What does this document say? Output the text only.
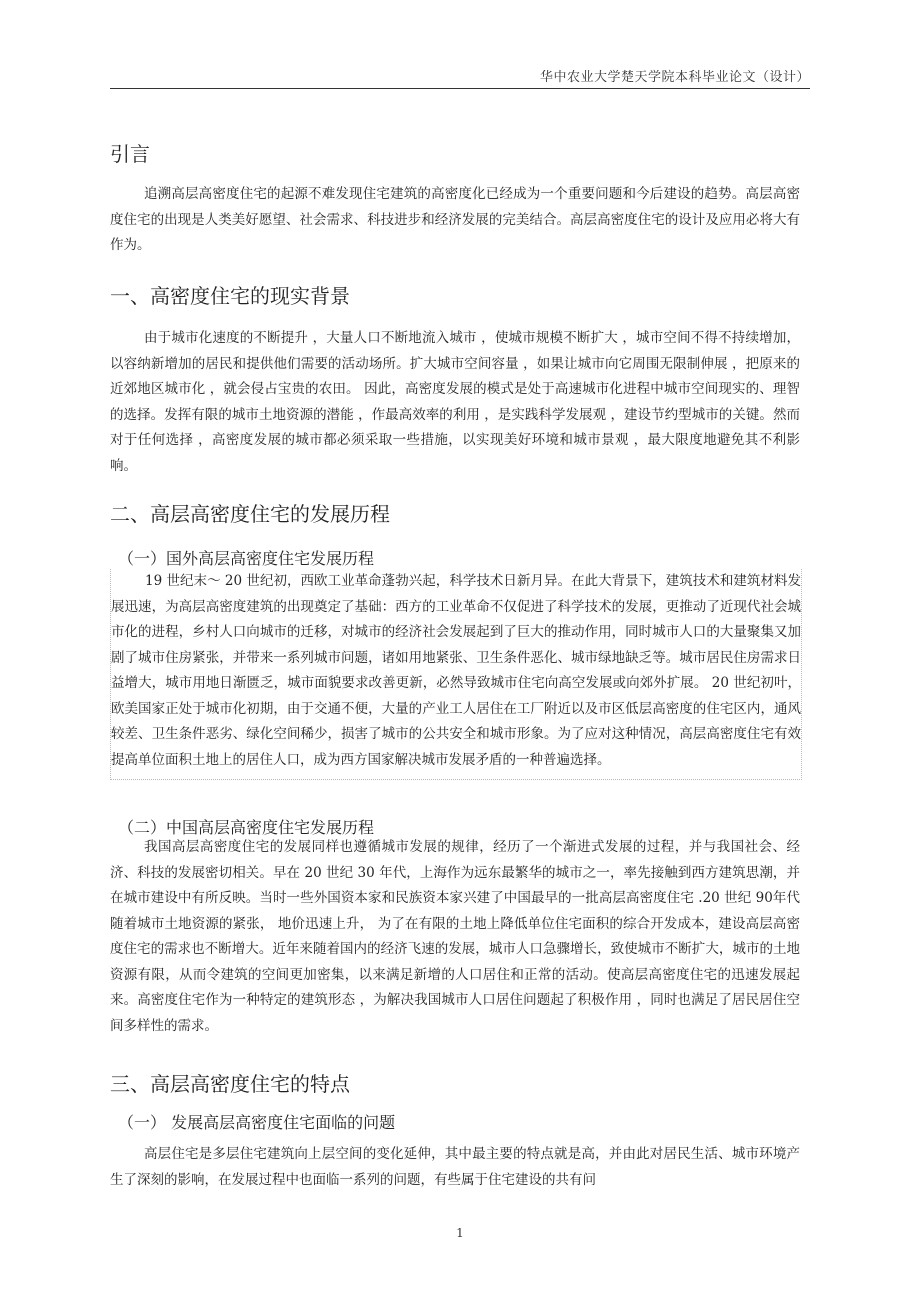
华中农业大学楚天学院本科毕业论文（设计）
引言

追溯高层高密度住宅的起源不难发现住宅建筑的高密度化已经成为一个重要问题和今后建设的趋势。高层高密度住宅的出现是人类美好愿望、社会需求、科技进步和经济发展的完美结合。高层高密度住宅的设计及应用必将大有作为。

一、高密度住宅的现实背景

由于城市化速度的不断提升 ，大量人口不断地流入城市 ，使城市规模不断扩大 ，城市空间不得不持续增加，以容纳新增加的居民和提供他们需要的活动场所。扩大城市空间容量 ，如果让城市向它周围无限制伸展 ，把原来的近郊地区城市化 ，就会侵占宝贵的农田。 因此，高密度发展的模式是处于高速城市化进程中城市空间现实的、理智的选择。发挥有限的城市土地资源的潜能 ，作最高效率的利用 ，是实践科学发展观 ，建设节约型城市的关键。然而对于任何选择 ，高密度发展的城市都必须采取一些措施，以实现美好环境和城市景观 ，最大限度地避免其不利影响。

二、高层高密度住宅的发展历程
（一）国外高层高密度住宅发展历程

19 世纪末～ 20 世纪初，西欧工业革命蓬勃兴起，科学技术日新月异。在此大背景下，建筑技术和建筑材料发展迅速，为高层高密度建筑的出现奠定了基础：西方的工业革命不仅促进了科学技术的发展，更推动了近现代社会城市化的进程，乡村人口向城市的迁移，对城市的经济社会发展起到了巨大的推动作用，同时城市人口的大量聚集又加剧了城市住房紧张，并带来一系列城市问题，诸如用地紧张、卫生条件恶化、城市绿地缺乏等。城市居民住房需求日益增大，城市用地日渐匮乏，城市面貌要求改善更新，必然导致城市住宅向高空发展或向郊外扩展。 20 世纪初叶，欧美国家正处于城市化初期，由于交通不便，大量的产业工人居住在工厂附近以及市区低层高密度的住宅区内，通风较差、卫生条件恶劣、绿化空间稀少，损害了城市的公共安全和城市形象。为了应对这种情况，高层高密度住宅有效提高单位面积土地上的居住人口，成为西方国家解决城市发展矛盾的一种普遍选择。

（二）中国高层高密度住宅发展历程

我国高层高密度住宅的发展同样也遵循城市发展的规律，经历了一个渐进式发展的过程，并与我国社会、经济、科技的发展密切相关。早在 20 世纪 30 年代，上海作为远东最繁华的城市之一，率先接触到西方建筑思潮，并在城市建设中有所反映。当时一些外国资本家和民族资本家兴建了中国最早的一批高层高密度住宅 .20 世纪 90年代随着城市土地资源的紧张， 地价迅速上升， 为了在有限的土地上降低单位住宅面积的综合开发成本，建设高层高密度住宅的需求也不断增大。近年来随着国内的经济飞速的发展，城市人口急骤增长，致使城市不断扩大，城市的土地资源有限，从而令建筑的空间更加密集，以来满足新增的人口居住和正常的活动。使高层高密度住宅的迅速发展起来。高密度住宅作为一种特定的建筑形态 ，为解决我国城市人口居住问题起了积极作用 ，同时也满足了居民居住空间多样性的需求。

三、高层高密度住宅的特点
（一） 发展高层高密度住宅面临的问题

高层住宅是多层住宅建筑向上层空间的变化延伸，其中最主要的特点就是高，并由此对居民生活、城市环境产生了深刻的影响，在发展过程中也面临一系列的问题，有些属于住宅建设的共有问

1
